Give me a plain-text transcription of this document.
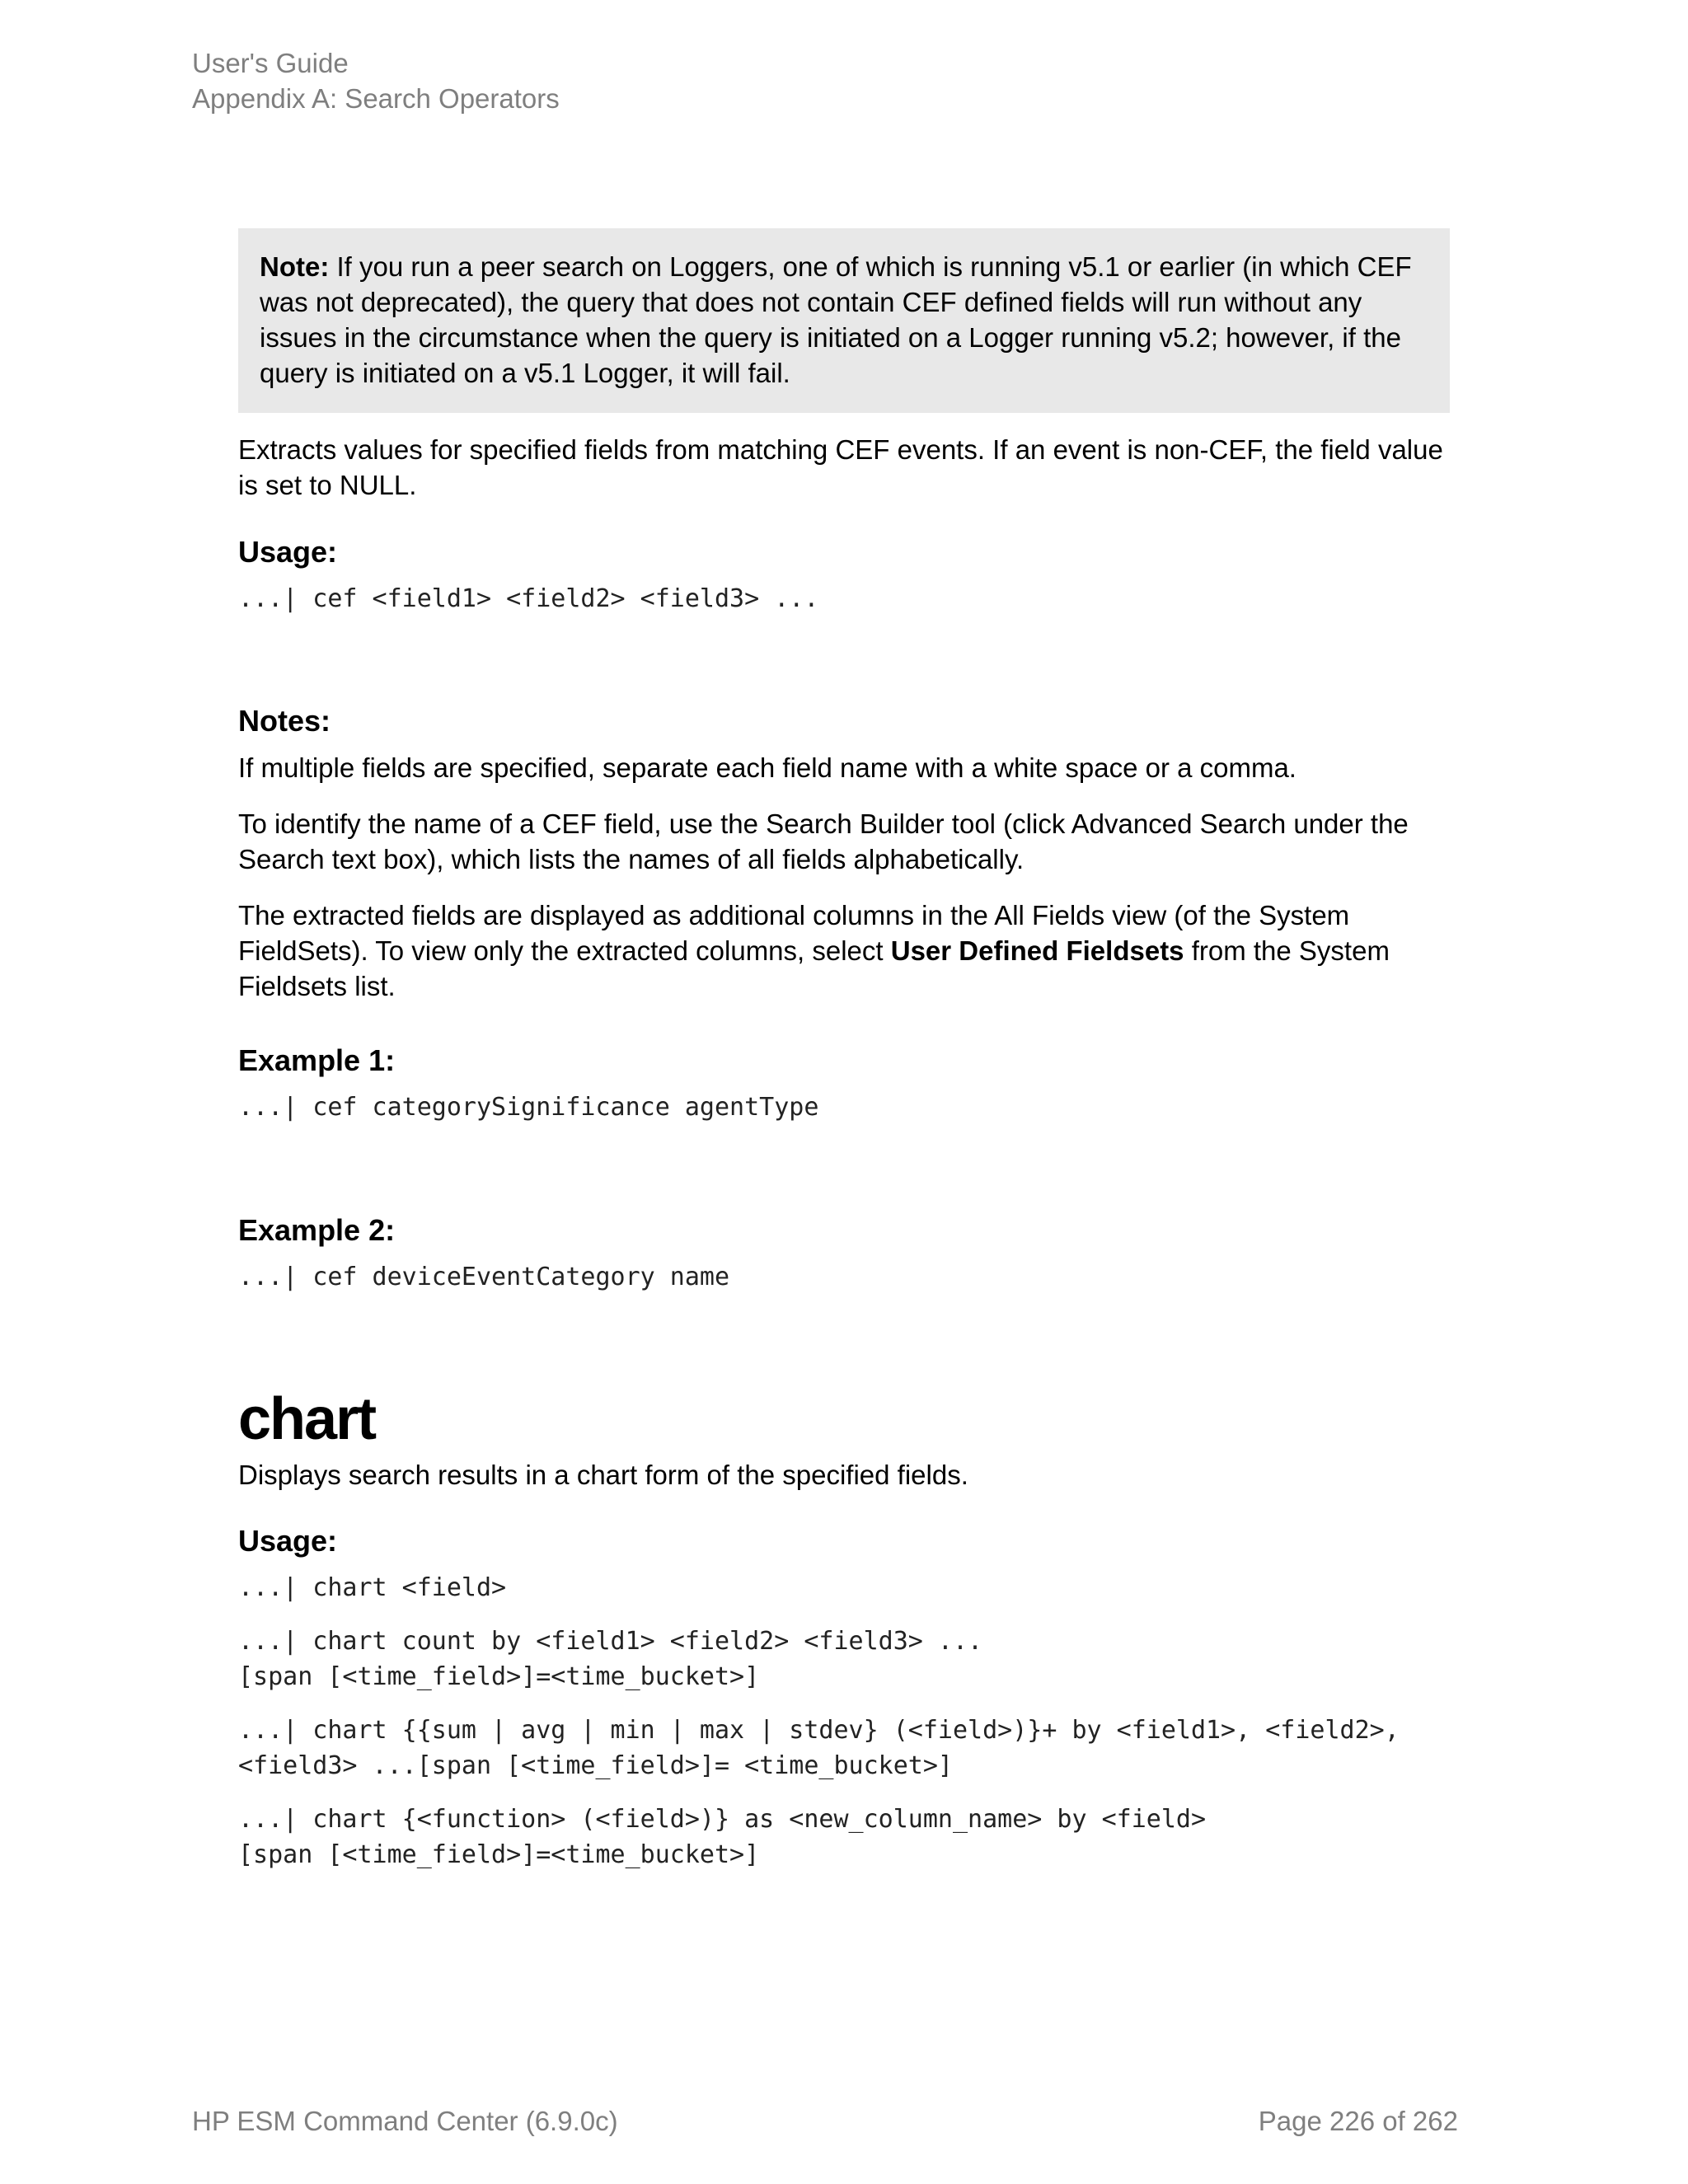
User's Guide
Appendix A: Search Operators
Note: If you run a peer search on Loggers, one of which is running v5.1 or earlier (in which CEF was not deprecated), the query that does not contain CEF defined fields will run without any issues in the circumstance when the query is initiated on a Logger running v5.2; however, if the query is initiated on a v5.1 Logger, it will fail.

Extracts values for specified fields from matching CEF events. If an event is non-CEF, the field value is set to NULL.

Usage:
...| cef <field1> <field2> <field3> ...
Notes:

If multiple fields are specified, separate each field name with a white space or a comma.

To identify the name of a CEF field, use the Search Builder tool (click Advanced Search under the Search text box), which lists the names of all fields alphabetically.

The extracted fields are displayed as additional columns in the All Fields view (of the System FieldSets). To view only the extracted columns, select User Defined Fieldsets from the System Fieldsets list.

Example 1:
...| cef categorySignificance agentType
Example 2:
...| cef deviceEventCategory name
chart

Displays search results in a chart form of the specified fields.

Usage:
...| chart <field>
...| chart count by <field1> <field2> <field3> ...
[span [<time_field>]=<time_bucket>]
...| chart {{sum | avg | min | max | stdev} (<field>)}+ by <field1>, <field2>,
<field3> ...[span [<time_field>]= <time_bucket>]
...| chart {<function> (<field>)} as <new_column_name> by <field>
[span [<time_field>]=<time_bucket>]
HP ESM Command Center (6.9.0c)	Page 226 of 262
